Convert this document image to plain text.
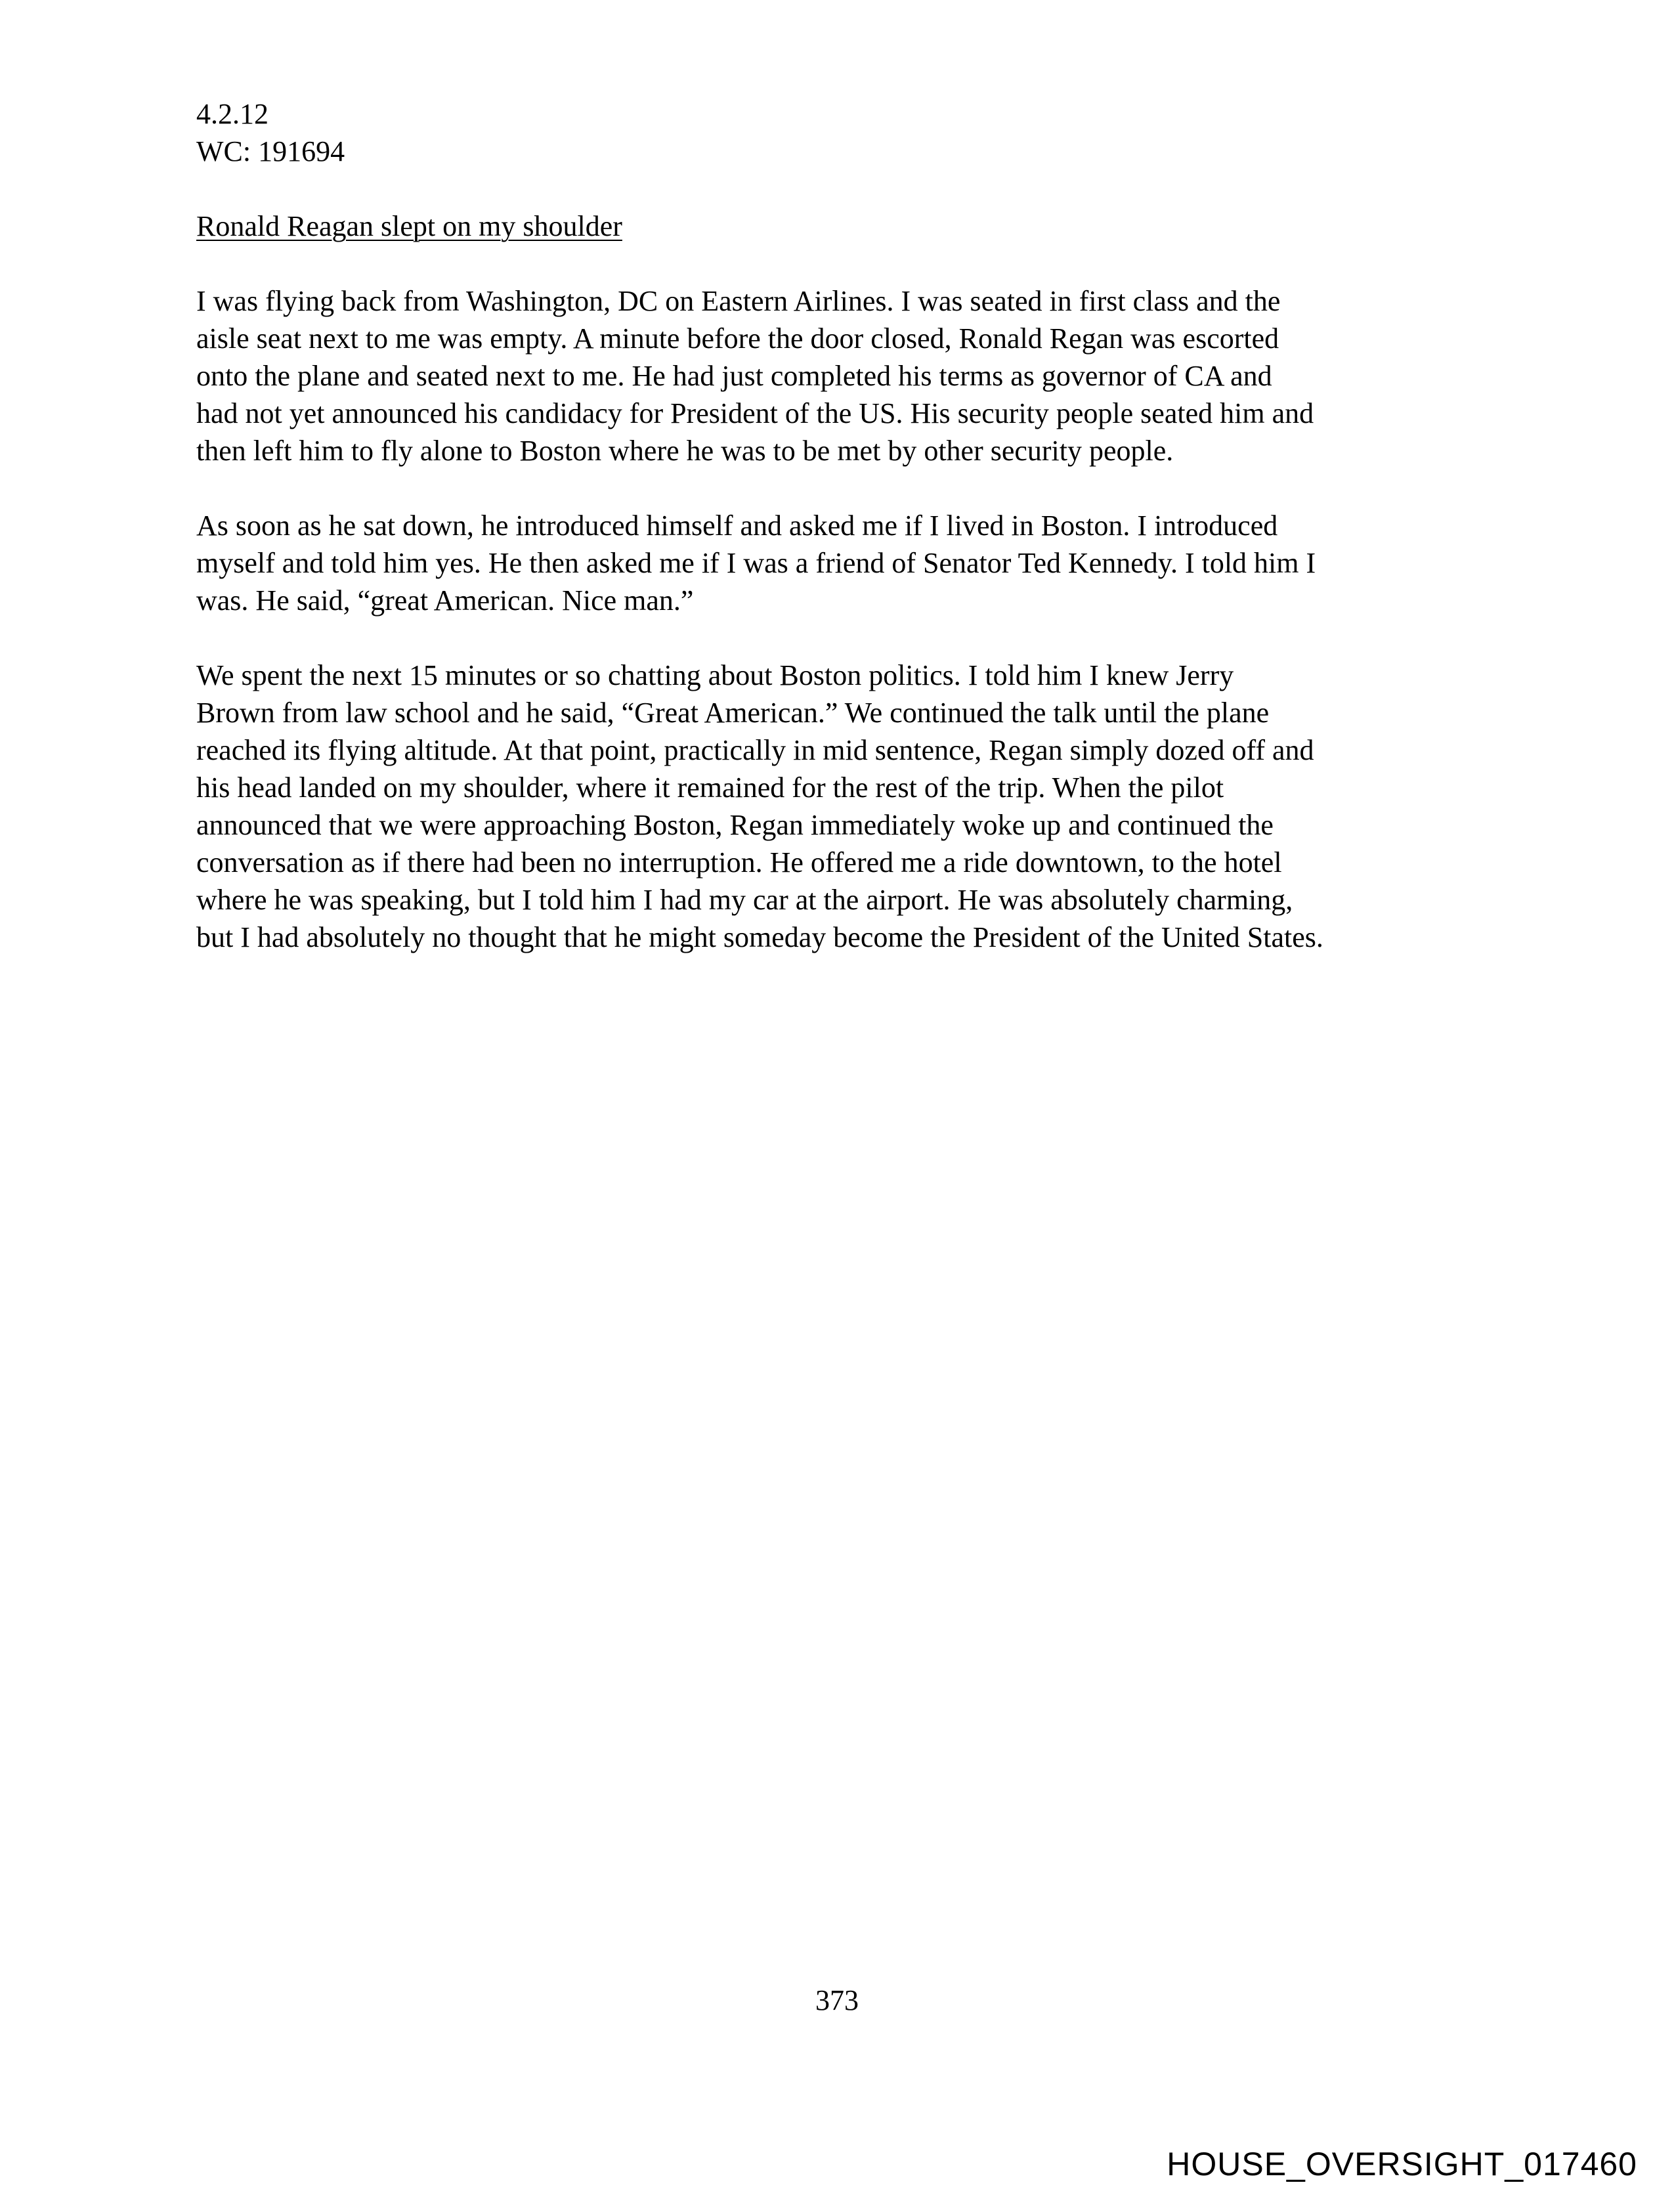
4.2.12

WC: 191694

Ronald Reagan slept on my shoulder

I was flying back from Washington, DC on Eastern Airlines. I was seated in first class and the
aisle seat next to me was empty. A minute before the door closed, Ronald Regan was escorted
onto the plane and seated next to me. He had just completed his terms as governor of CA and
had not yet announced his candidacy for President of the US. His security people seated him and
then left him to fly alone to Boston where he was to be met by other security people.

As soon as he sat down, he introduced himself and asked me if I lived in Boston. I introduced
myself and told him yes. He then asked me if I was a friend of Senator Ted Kennedy. I told him I
was. He said, “great American. Nice man.”

We spent the next 15 minutes or so chatting about Boston politics. I told him I knew Jerry
Brown from law school and he said, “Great American.” We continued the talk until the plane
reached its flying altitude. At that point, practically in mid sentence, Regan simply dozed off and
his head landed on my shoulder, where it remained for the rest of the trip. When the pilot
announced that we were approaching Boston, Regan immediately woke up and continued the
conversation as if there had been no interruption. He offered me a ride downtown, to the hotel
where he was speaking, but I told him I had my car at the airport. He was absolutely charming,
but I had absolutely no thought that he might someday become the President of the United States.

373
HOUSE_OVERSIGHT_017460
